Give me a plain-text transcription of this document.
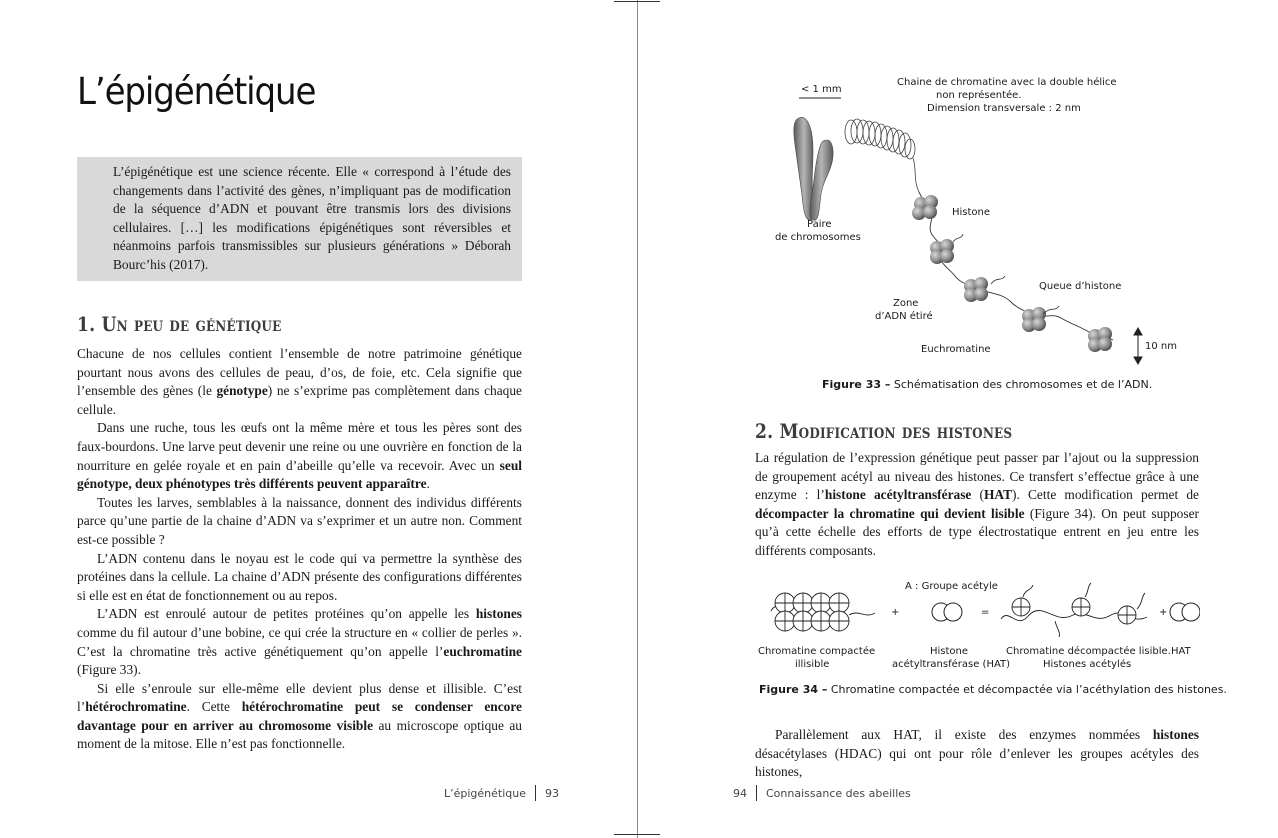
L’épigénétique

L’épigénétique est une science récente. Elle « correspond à l’étude des changements dans l’activité des gènes, n’impliquant pas de modification de la séquence d’ADN et pouvant être transmis lors des divisions cellulaires. […] les modifications épigénétiques sont réversibles et néanmoins parfois transmissibles sur plusieurs générations » Déborah Bourc’his (2017).

1. Un peu de génétique

Chacune de nos cellules contient l’ensemble de notre patrimoine génétique pourtant nous avons des cellules de peau, d’os, de foie, etc. Cela signifie que l’ensemble des gènes (le génotype) ne s’exprime pas complètement dans chaque cellule.

Dans une ruche, tous les œufs ont la même mère et tous les pères sont des faux-bourdons. Une larve peut devenir une reine ou une ouvrière en fonction de la nourriture en gelée royale et en pain d’abeille qu’elle va recevoir. Avec un seul génotype, deux phénotypes très différents peuvent apparaître.

Toutes les larves, semblables à la naissance, donnent des individus différents parce qu’une partie de la chaine d’ADN va s’exprimer et un autre non. Comment est-ce possible ?

L’ADN contenu dans le noyau est le code qui va permettre la synthèse des protéines dans la cellule. La chaine d’ADN présente des configurations différentes si elle est en état de fonctionnement ou au repos.

L’ADN est enroulé autour de petites protéines qu’on appelle les histones comme du fil autour d’une bobine, ce qui crée la structure en « collier de perles ». C’est la chromatine très active génétiquement qu’on appelle l’euchromatine (Figure 33).

Si elle s’enroule sur elle-même elle devient plus dense et illisible. C’est l’hétérochromatine. Cette hétérochromatine peut se condenser encore davantage pour en arriver au chromosome visible au microscope optique au moment de la mitose. Elle n’est pas fonctionnelle.

L’épigénétique 93
< 1 mm
Paire
de chromosomes
Chaine de chromatine avec la double hélice
non représentée.
Dimension transversale : 2 nm
Histone
Queue d’histone
Zone
d’ADN étiré
Euchromatine	10 nm
Figure 33 – Schématisation des chromosomes et de l’ADN.
2. Modification des histones

La régulation de l’expression génétique peut passer par l’ajout ou la suppression de groupement acétyl au niveau des histones. Ce transfert s’effectue grâce à une enzyme : l’histone acétyltransférase (HAT). Cette modification permet de décompacter la chromatine qui devient lisible (Figure 34). On peut supposer qu’à cette échelle des efforts de type électrostatique entrent en jeu entre les différents composants.

A : Groupe acétyle
+	=	+
Chromatine compactée
illisible
Histone
acétyltransférase (HAT)
Chromatine décompactée lisible.
Histones acétylés
HAT
Figure 34 – Chromatine compactée et décompactée via l’acéthylation des histones.

Parallèlement aux HAT, il existe des enzymes nommées histones désacétylases (HDAC) qui ont pour rôle d’enlever les groupes acétyles des histones,

94 Connaissance des abeilles
